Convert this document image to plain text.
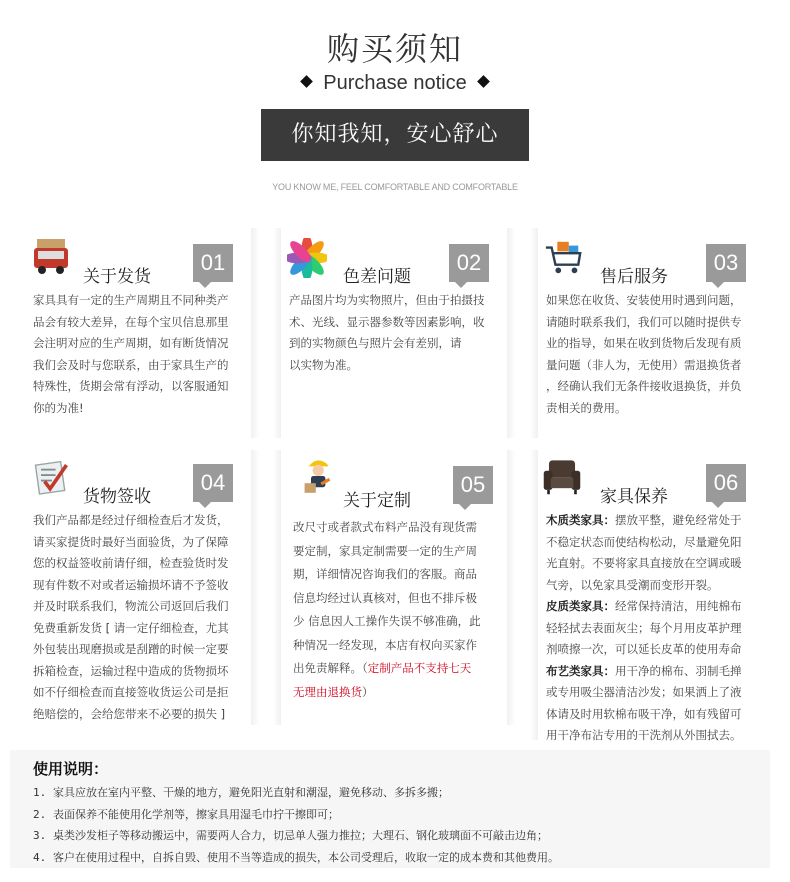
购买须知
Purchase notice
你知我知，安心舒心
YOU KNOW ME, FEEL COMFORTABLE AND COMFORTABLE
关于发货
01

家具具有一定的生产周期且不同种类产

品会有较大差异，在每个宝贝信息那里

会注明对应的生产周期，如有断货情况

我们会及时与您联系，由于家具生产的

特殊性，货期会常有浮动，以客服通知

你的为准!

色差问题
02

产品图片均为实物照片，但由于拍摄技

术、光线、显示器参数等因素影响，收

到的实物颜色与照片会有差别，请

以实物为准。

售后服务
03

如果您在收货、安装使用时遇到问题，

请随时联系我们，我们可以随时提供专

业的指导，如果在收到货物后发现有质

量问题（非人为，无使用）需退换货者

，经确认我们无条件接收退换货，并负

责相关的费用。

货物签收
04

我们产品都是经过仔细检查后才发货，

请买家提货时最好当面验货，为了保障

您的权益签收前请仔细，检查验货时发

现有件数不对或者运输损坏请不予签收

并及时联系我们，物流公司返回后我们

免费重新发货 [ 请一定仔细检查，尤其

外包装出现磨损或是刮蹭的时候一定要

拆箱检查，运输过程中造成的货物损坏

如不仔细检查而直接签收货运公司是拒

绝赔偿的，会给您带来不必要的损失 ]

关于定制
05

改尺寸或者款式布料产品没有现货需

要定制，家具定制需要一定的生产周

期，详细情况咨询我们的客服。商品

信息均经过认真核对，但也不排斥极

少 信息因人工操作失误不够准确，此

种情况一经发现，本店有权向买家作

出免责解释。（定制产品不支持七天

无理由退换货）

家具保养
06

木质类家具：摆放平整，避免经常处于

不稳定状态而使结构松动，尽量避免阳

光直射。不要将家具直接放在空调或暖

气旁，以免家具受潮而变形开裂。

皮质类家具：经常保持清洁，用纯棉布

轻轻拭去表面灰尘；每个月用皮革护理

剂喷擦一次，可以延长皮革的使用寿命

布艺类家具：用干净的棉布、羽制毛掸

或专用吸尘器清洁沙发；如果洒上了液

体请及时用软棉布吸干净，如有残留可

用干净布沾专用的干洗剂从外围拭去。

使用说明：
1. 家具应放在室内平整、干燥的地方，避免阳光直射和潮湿，避免移动、多拆多搬；
2. 表面保养不能使用化学剂等，擦家具用湿毛巾拧干擦即可；
3. 桌类沙发柜子等移动搬运中，需要两人合力，切忌单人强力推拉；大理石、钢化玻璃面不可敲击边角；
4. 客户在使用过程中，自拆自毁、使用不当等造成的损失，本公司受理后，收取一定的成本费和其他费用。
